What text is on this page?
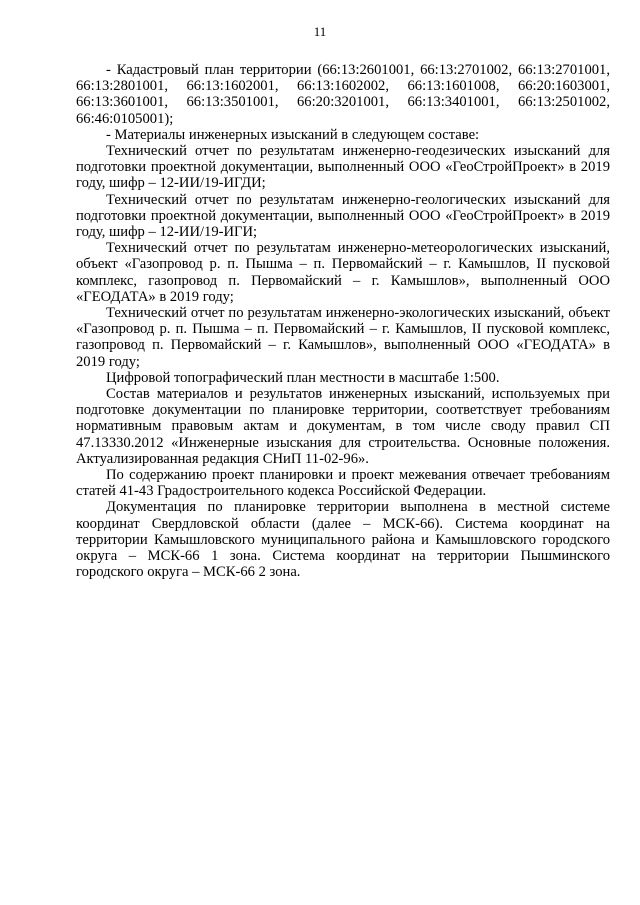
11

- Кадастровый план территории (66:13:2601001, 66:13:2701002, 66:13:2701001, 66:13:2801001, 66:13:1602001, 66:13:1602002, 66:13:1601008, 66:20:1603001, 66:13:3601001, 66:13:3501001, 66:20:3201001, 66:13:3401001, 66:13:2501002, 66:46:0105001);

- Материалы инженерных изысканий в следующем составе:

Технический отчет по результатам инженерно-геодезических изысканий для подготовки проектной документации, выполненный ООО «ГеоСтройПроект» в 2019 году, шифр – 12-ИИ/19-ИГДИ;

Технический отчет по результатам инженерно-геологических изысканий для подготовки проектной документации, выполненный ООО «ГеоСтройПроект» в 2019 году, шифр – 12-ИИ/19-ИГИ;

Технический отчет по результатам инженерно-метеорологических изысканий, объект «Газопровод р. п. Пышма – п. Первомайский – г. Камышлов, II пусковой комплекс, газопровод п. Первомайский – г. Камышлов», выполненный ООО «ГЕОДАТА» в 2019 году;

Технический отчет по результатам инженерно-экологических изысканий, объект «Газопровод р. п. Пышма – п. Первомайский – г. Камышлов, II пусковой комплекс, газопровод п. Первомайский – г. Камышлов», выполненный ООО «ГЕОДАТА» в 2019 году;

Цифровой топографический план местности в масштабе 1:500.

Состав материалов и результатов инженерных изысканий, используемых при подготовке документации по планировке территории, соответствует требованиям нормативным правовым актам и документам, в том числе своду правил СП 47.13330.2012 «Инженерные изыскания для строительства. Основные положения. Актуализированная редакция СНиП 11-02-96».

По содержанию проект планировки и проект межевания отвечает требованиям статей 41-43 Градостроительного кодекса Российской Федерации.

Документация по планировке территории выполнена в местной системе координат Свердловской области (далее – МСК-66). Система координат на территории Камышловского муниципального района и Камышловского городского округа – МСК-66 1 зона. Система координат на территории Пышминского городского округа – МСК-66 2 зона.
